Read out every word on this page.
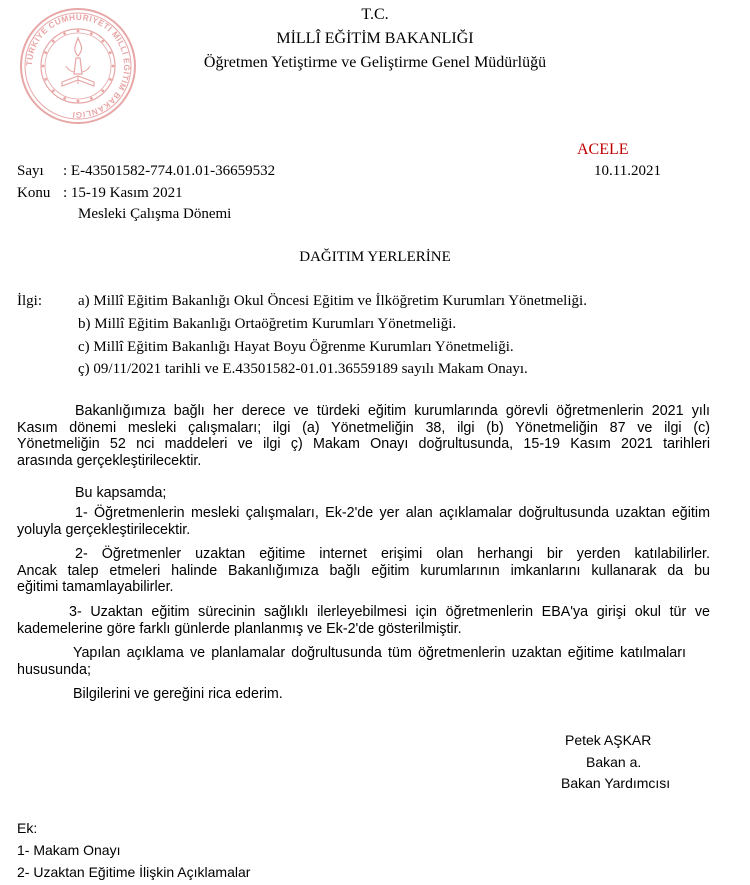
TÜRKİYE CUMHURİYETİ MİLLÎ EĞİTİM BAKANLIĞI
T.C.
MİLLÎ EĞİTİM BAKANLIĞI
Öğretmen Yetiştirme ve Geliştirme Genel Müdürlüğü
ACELE
Sayı : E-43501582-774.01.01-36659532	10.11.2021
Konu : 15-19 Kasım 2021
Mesleki Çalışma Dönemi
DAĞITIM YERLERİNE
İlgi: a) Millî Eğitim Bakanlığı Okul Öncesi Eğitim ve İlköğretim Kurumları Yönetmeliği.
b) Millî Eğitim Bakanlığı Ortaöğretim Kurumları Yönetmeliği.
c) Millî Eğitim Bakanlığı Hayat Boyu Öğrenme Kurumları Yönetmeliği.
ç) 09/11/2021 tarihli ve E.43501582-01.01.36559189 sayılı Makam Onayı.
Bakanlığımıza bağlı her derece ve türdeki eğitim kurumlarında görevli öğretmenlerin 2021 yılı
Kasım dönemi mesleki çalışmaları; ilgi (a) Yönetmeliğin 38, ilgi (b) Yönetmeliğin 87 ve ilgi (c)
Yönetmeliğin 52 nci maddeleri ve ilgi ç) Makam Onayı doğrultusunda, 15-19 Kasım 2021 tarihleri
arasında gerçekleştirilecektir.
Bu kapsamda;
1- Öğretmenlerin mesleki çalışmaları, Ek-2'de yer alan açıklamalar doğrultusunda uzaktan eğitim
yoluyla gerçekleştirilecektir.
2- Öğretmenler uzaktan eğitime internet erişimi olan herhangi bir yerden katılabilirler.
Ancak talep etmeleri halinde Bakanlığımıza bağlı eğitim kurumlarının imkanlarını kullanarak da bu
eğitimi tamamlayabilirler.
3- Uzaktan eğitim sürecinin sağlıklı ilerleyebilmesi için öğretmenlerin EBA'ya girişi okul tür ve
kademelerine göre farklı günlerde planlanmış ve Ek-2'de gösterilmiştir.
Yapılan açıklama ve planlamalar doğrultusunda tüm öğretmenlerin uzaktan eğitime katılmaları
hususunda;
Bilgilerini ve gereğini rica ederim.
Petek AŞKAR
Bakan a.
Bakan Yardımcısı
Ek:
1- Makam Onayı
2- Uzaktan Eğitime İlişkin Açıklamalar
